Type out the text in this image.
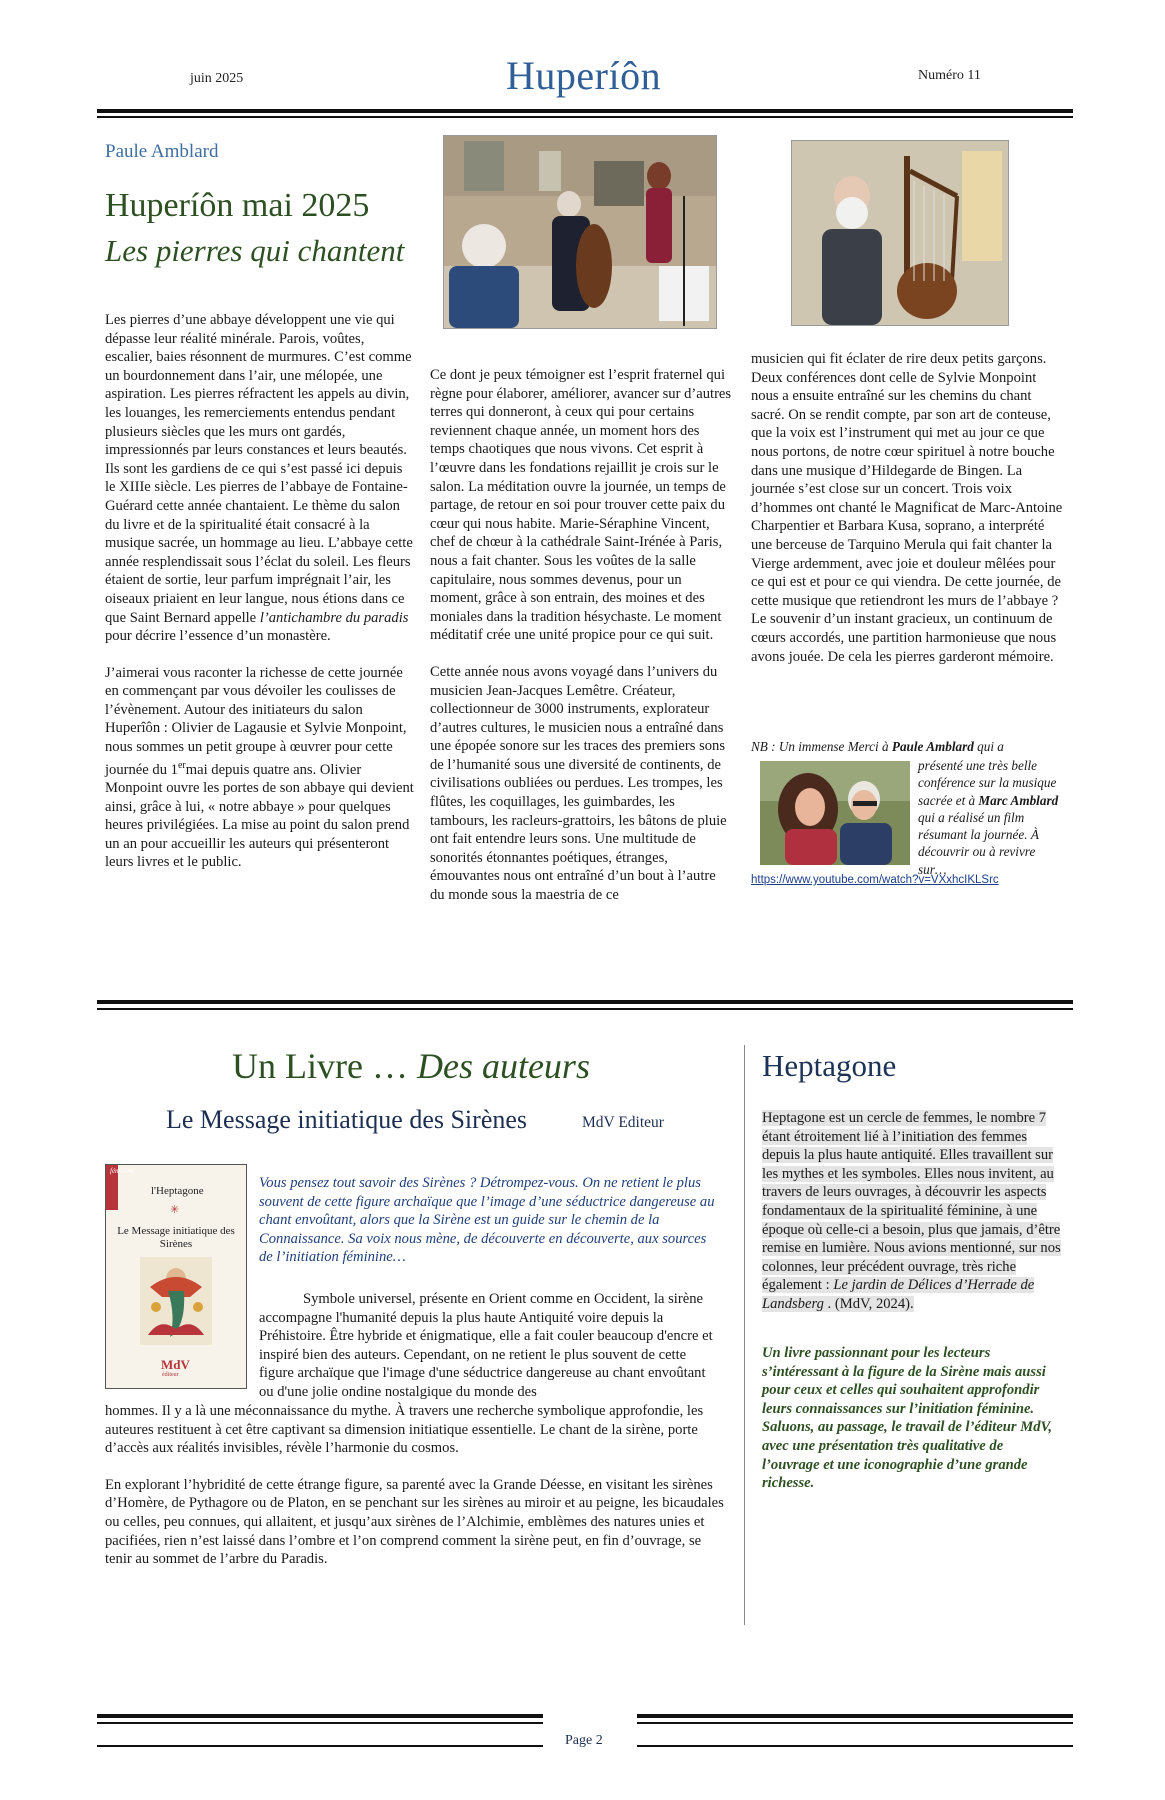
juin 2025	Huperíôn	Numéro 11
Paule Amblard
Huperíôn mai 2025
Les pierres qui chantent

Les pierres d’une abbaye développent une vie qui dépasse leur réalité minérale. Parois, voûtes, escalier, baies résonnent de murmures. C’est comme un bourdonnement dans l’air, une mélopée, une aspiration. Les pierres réfractent les appels au divin, les louanges, les remerciements entendus pendant plusieurs siècles que les murs ont gardés, impressionnés par leurs constances et leurs beautés. Ils sont les gardiens de ce qui s’est passé ici depuis le XIIIe siècle. Les pierres de l’abbaye de Fontaine-Guérard cette année chantaient. Le thème du salon du livre et de la spiritualité était consacré à la musique sacrée, un hommage au lieu. L’abbaye cette année resplendissait sous l’éclat du soleil. Les fleurs étaient de sortie, leur parfum imprégnait l’air, les oiseaux priaient en leur langue, nous étions dans ce que Saint Bernard appelle l’antichambre du paradis pour décrire l’essence d’un monastère.

J’aimerai vous raconter la richesse de cette journée en commençant par vous dévoiler les coulisses de l’évènement. Autour des initiateurs du salon Huperîôn : Olivier de Lagausie et Sylvie Monpoint, nous sommes un petit groupe à œuvrer pour cette journée du 1ermai depuis quatre ans. Olivier Monpoint ouvre les portes de son abbaye qui devient ainsi, grâce à lui, « notre abbaye » pour quelques heures privilégiées. La mise au point du salon prend un an pour accueillir les auteurs qui présenteront leurs livres et le public.

Ce dont je peux témoigner est l’esprit fraternel qui règne pour élaborer, améliorer, avancer sur d’autres terres qui donneront, à ceux qui pour certains reviennent chaque année, un moment hors des temps chaotiques que nous vivons. Cet esprit à l’œuvre dans les fondations rejaillit je crois sur le salon. La méditation ouvre la journée, un temps de partage, de retour en soi pour trouver cette paix du cœur qui nous habite. Marie-Séraphine Vincent, chef de chœur à la cathédrale Saint-Irénée à Paris, nous a fait chanter. Sous les voûtes de la salle capitulaire, nous sommes devenus, pour un moment, grâce à son entrain, des moines et des moniales dans la tradition hésychaste. Le moment méditatif crée une unité propice pour ce qui suit.

Cette année nous avons voyagé dans l’univers du musicien Jean-Jacques Lemêtre. Créateur, collectionneur de 3000 instruments, explorateur d’autres cultures, le musicien nous a entraîné dans une épopée sonore sur les traces des premiers sons de l’humanité sous une diversité de continents, de civilisations oubliées ou perdues. Les trompes, les flûtes, les coquillages, les guimbardes, les tambours, les racleurs-grattoirs, les bâtons de pluie ont fait entendre leurs sons. Une multitude de sonorités étonnantes poétiques, étranges, émouvantes nous ont entraîné d’un bout à l’autre du monde sous la maestria de ce

musicien qui fit éclater de rire deux petits garçons. Deux conférences dont celle de Sylvie Monpoint nous a ensuite entraîné sur les chemins du chant sacré. On se rendit compte, par son art de conteuse, que la voix est l’instrument qui met au jour ce que nous portons, de notre cœur spirituel à notre bouche dans une musique d’Hildegarde de Bingen. La journée s’est close sur un concert. Trois voix d’hommes ont chanté le Magnificat de Marc-Antoine Charpentier et Barbara Kusa, soprano, a interprété une berceuse de Tarquino Merula qui fait chanter la Vierge ardemment, avec joie et douleur mêlées pour ce qui est et pour ce qui viendra. De cette journée, de cette musique que retiendront les murs de l’abbaye ? Le souvenir d’un instant gracieux, un continuum de cœurs accordés, une partition harmonieuse que nous avons jouée. De cela les pierres garderont mémoire.

NB : Un immense Merci à Paule Amblard qui a
présenté une très belle conférence sur la musique sacrée et à Marc Amblard qui a réalisé un film résumant la journée. À découvrir ou à revivre sur…
https://www.youtube.com/watch?v=VXxhcIKLSrc
Un Livre … Des auteurs
Le Message initiatique des Sirènes	MdV Editeur
féminine
l'Heptagone
✳
Le Message initiatique des Sirènes
MdV
éditeur
Vous pensez tout savoir des Sirènes ? Détrompez-vous. On ne retient le plus souvent de cette figure archaïque que l’image d’une séductrice dangereuse au chant envoûtant, alors que la Sirène est un guide sur le chemin de la Connaissance. Sa voix nous mène, de découverte en découverte, aux sources de l’initiation féminine…
Symbole universel, présente en Orient comme en Occident, la sirène accompagne l'humanité depuis la plus haute Antiquité voire depuis la Préhistoire. Être hybride et énigmatique, elle a fait couler beaucoup d'encre et inspiré bien des auteurs. Cependant, on ne retient le plus souvent de cette figure archaïque que l'image d'une séductrice dangereuse au chant envoûtant ou d'une jolie ondine nostalgique du monde des

hommes. Il y a là une méconnaissance du mythe. À travers une recherche symbolique approfondie, les auteures restituent à cet être captivant sa dimension initiatique essentielle. Le chant de la sirène, porte d’accès aux réalités invisibles, révèle l’harmonie du cosmos.

En explorant l’hybridité de cette étrange figure, sa parenté avec la Grande Déesse, en visitant les sirènes d’Homère, de Pythagore ou de Platon, en se penchant sur les sirènes au miroir et au peigne, les bicaudales ou celles, peu connues, qui allaitent, et jusqu’aux sirènes de l’Alchimie, emblèmes des natures unies et pacifiées, rien n’est laissé dans l’ombre et l’on comprend comment la sirène peut, en fin d’ouvrage, se tenir au sommet de l’arbre du Paradis.

Heptagone
Heptagone est un cercle de femmes, le nombre 7 étant étroitement lié à l’initiation des femmes depuis la plus haute antiquité. Elles travaillent sur les mythes et les symboles. Elles nous invitent, au travers de leurs ouvrages, à découvrir les aspects fondamentaux de la spiritualité féminine, à une époque où celle-ci a besoin, plus que jamais, d’être remise en lumière. Nous avions mentionné, sur nos colonnes, leur précédent ouvrage, très riche également : Le jardin de Délices d’Herrade de Landsberg . (MdV, 2024).
Un livre passionnant pour les lecteurs s’intéressant à la figure de la Sirène mais aussi pour ceux et celles qui souhaitent approfondir leurs connaissances sur l’initiation féminine. Saluons, au passage, le travail de l’éditeur MdV, avec une présentation très qualitative de l’ouvrage et une iconographie d’une grande richesse.
Page 2
